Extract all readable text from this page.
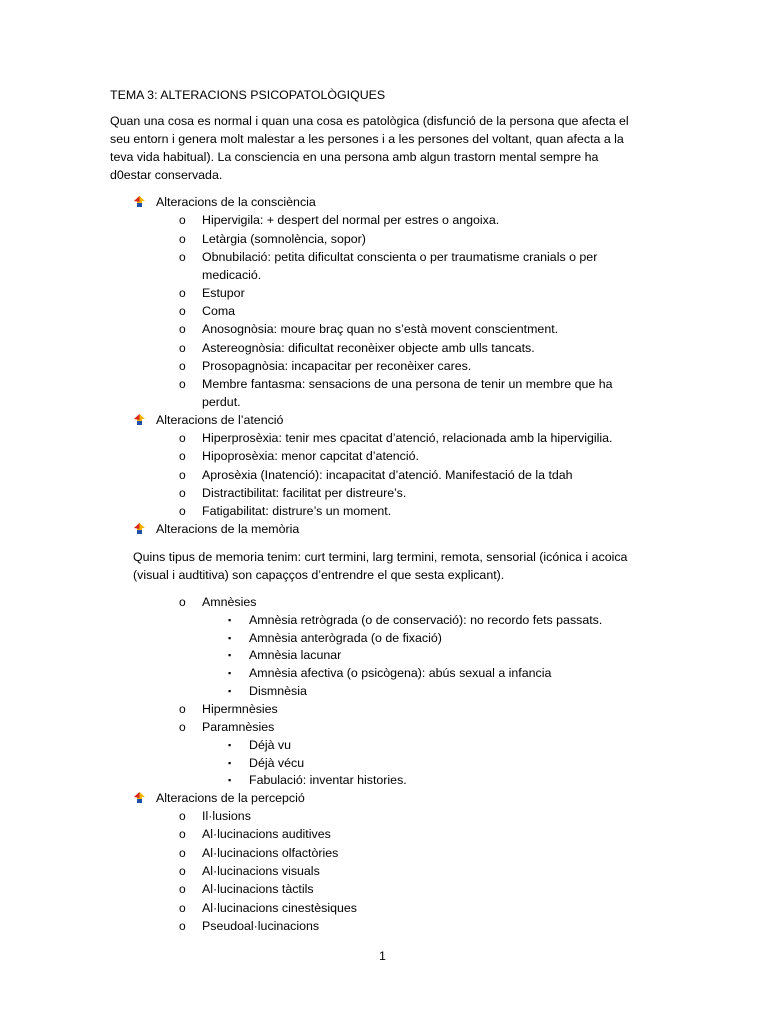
TEMA 3: ALTERACIONS PSICOPATOLÒGIQUES
Quan una cosa es normal i quan una cosa es patològica (disfunció de la persona que afecta el
seu entorn i genera molt malestar a les persones i a les persones del voltant, quan afecta a la
teva vida habitual). La consciencia en una persona amb algun trastorn mental sempre ha
d0estar conservada.
Alteracions de la consciència
o Hipervigila: + despert del normal per estres o angoixa.
o Letàrgia (somnolència, sopor)
o Obnubilació: petita dificultat conscienta o per traumatisme cranials o per
medicació.
o Estupor
o Coma
o Anosognòsia: moure braç quan no s’està movent conscientment.
o Astereognòsia: dificultat reconèixer objecte amb ulls tancats.
o Prosopagnòsia: incapacitar per reconèixer cares.
o Membre fantasma: sensacions de una persona de tenir un membre que ha
perdut.
Alteracions de l’atenció
o Hiperprosèxia: tenir mes cpacitat d’atenció, relacionada amb la hipervigilia.
o Hipoprosèxia: menor capcitat d’atenció.
o Aprosèxia (Inatenció): incapacitat d’atenció. Manifestació de la tdah
o Distractibilitat: facilitat per distreure’s.
o Fatigabilitat: distrure’s un moment.
Alteracions de la memòria
Quins tipus de memoria tenim: curt termini, larg termini, remota, sensorial (icónica i acoica
(visual i audtitiva) son capaçços d’entrendre el que sesta explicant).
o Amnèsies
▪ Amnèsia retrògrada (o de conservació): no recordo fets passats.
▪ Amnèsia anterògrada (o de fixació)
▪ Amnèsia lacunar
▪ Amnèsia afectiva (o psicògena): abús sexual a infancia
▪ Dismnèsia
o Hipermnèsies
o Paramnèsies
▪ Déjà vu
▪ Déjà vécu
▪ Fabulació: inventar histories.
Alteracions de la percepció
o Il·lusions
o Al·lucinacions auditives
o Al·lucinacions olfactòries
o Al·lucinacions visuals
o Al·lucinacions tàctils
o Al·lucinacions cinestèsiques
o Pseudoal·lucinacions
1
